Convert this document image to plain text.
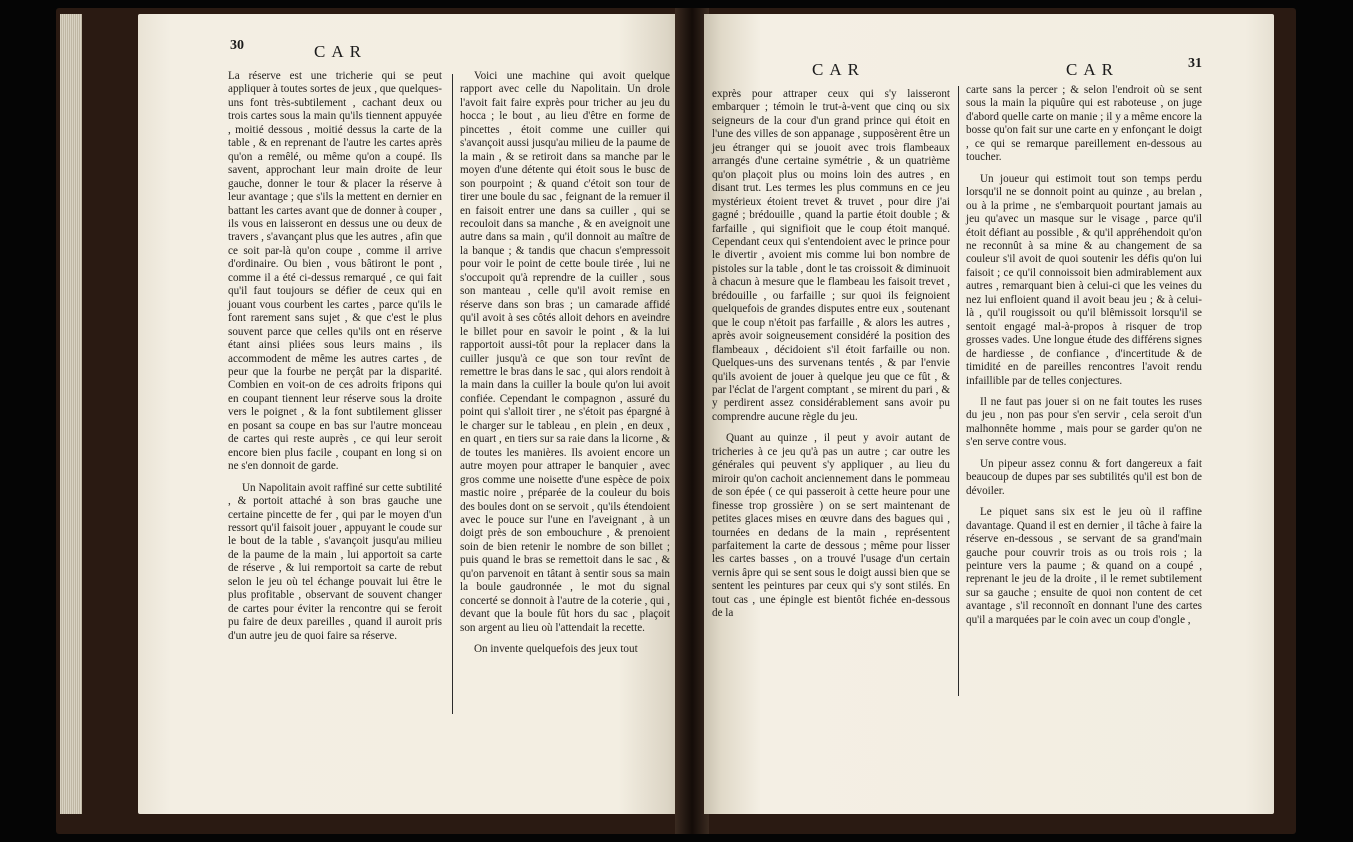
30	CAR

La réserve est une tricherie qui se peut appliquer à toutes sortes de jeux , que quelques-uns font très-subtilement , cachant deux ou trois cartes sous la main qu'ils tiennent appuyée , moitié dessous , moitié dessus la carte de la table , & en reprenant de l'autre les cartes après qu'on a remêlé, ou même qu'on a coupé. Ils savent, approchant leur main droite de leur gauche, donner le tour & placer la réserve à leur avantage ; que s'ils la mettent en dernier en battant les cartes avant que de donner à couper , ils vous en laisseront en dessus une ou deux de travers , s'avançant plus que les autres , afin que ce soit par-là qu'on coupe , comme il arrive d'ordinaire. Ou bien , vous bâtiront le pont , comme il a été ci-dessus remarqué , ce qui fait qu'il faut toujours se défier de ceux qui en jouant vous courbent les cartes , parce qu'ils le font rarement sans sujet , & que c'est le plus souvent parce que celles qu'ils ont en réserve étant ainsi pliées sous leurs mains , ils accommodent de même les autres cartes , de peur que la fourbe ne perçât par la disparité. Combien en voit-on de ces adroits fripons qui en coupant tiennent leur réserve sous la droite vers le poignet , & la font subtilement glisser en posant sa coupe en bas sur l'autre monceau de cartes qui reste auprès , ce qui leur seroit encore bien plus facile , coupant en long si on ne s'en donnoit de garde.

Un Napolitain avoit raffiné sur cette subtilité , & portoit attaché à son bras gauche une certaine pincette de fer , qui par le moyen d'un ressort qu'il faisoit jouer , appuyant le coude sur le bout de la table , s'avançoit jusqu'au milieu de la paume de la main , lui apportoit sa carte de réserve , & lui remportoit sa carte de rebut selon le jeu où tel échange pouvait lui être le plus profitable , observant de souvent changer de cartes pour éviter la rencontre qui se feroit pu faire de deux pareilles , quand il auroit pris d'un autre jeu de quoi faire sa réserve.

Voici une machine qui avoit quelque rapport avec celle du Napolitain. Un drole l'avoit fait faire exprès pour tricher au jeu du hocca ; le bout , au lieu d'être en forme de pincettes , étoit comme une cuiller qui s'avançoit aussi jusqu'au milieu de la paume de la main , & se retiroit dans sa manche par le moyen d'une détente qui étoit sous le busc de son pourpoint ; & quand c'étoit son tour de tirer une boule du sac , feignant de la remuer il en faisoit entrer une dans sa cuiller , qui se recouloit dans sa manche , & en aveignoit une autre dans sa main , qu'il donnoit au maître de la banque ; & tandis que chacun s'empressoit pour voir le point de cette boule tirée , lui ne s'occupoit qu'à reprendre de la cuiller , sous son manteau , celle qu'il avoit remise en réserve dans son bras ; un camarade affidé qu'il avoit à ses côtés alloit dehors en aveindre le billet pour en savoir le point , & la lui rapportoit aussi-tôt pour la replacer dans la cuiller jusqu'à ce que son tour revînt de remettre le bras dans le sac , qui alors rendoit à la main dans la cuiller la boule qu'on lui avoit confiée. Cependant le compagnon , assuré du point qui s'alloit tirer , ne s'étoit pas épargné à le charger sur le tableau , en plein , en deux , en quart , en tiers sur sa raie dans la licorne , & de toutes les manières. Ils avoient encore un autre moyen pour attraper le banquier , avec gros comme une noisette d'une espèce de poix mastic noire , préparée de la couleur du bois des boules dont on se servoit , qu'ils étendoient avec le pouce sur l'une en l'aveignant , à un doigt près de son embouchure , & prenoient soin de bien retenir le nombre de son billet ; puis quand le bras se remettoit dans le sac , & qu'on parvenoit en tâtant à sentir sous sa main la boule gaudronnée , le mot du signal concerté se donnoit à l'autre de la coterie , qui , devant que la boule fût hors du sac , plaçoit son argent au lieu où l'attendait la recette.

On invente quelquefois des jeux tout

CAR	CAR	31

exprès pour attraper ceux qui s'y laisseront embarquer ; témoin le trut-à-vent que cinq ou six seigneurs de la cour d'un grand prince qui étoit en l'une des villes de son appanage , supposèrent être un jeu étranger qui se jouoit avec trois flambeaux arrangés d'une certaine symétrie , & un quatrième qu'on plaçoit plus ou moins loin des autres , en disant trut. Les termes les plus communs en ce jeu mystérieux étoient trevet & truvet , pour dire j'ai gagné ; brédouille , quand la partie étoit double ; & farfaille , qui signifioit que le coup étoit manqué. Cependant ceux qui s'entendoient avec le prince pour le divertir , avoient mis comme lui bon nombre de pistoles sur la table , dont le tas croissoit & diminuoit à chacun à mesure que le flambeau les faisoit trevet , brédouille , ou farfaille ; sur quoi ils feignoient quelquefois de grandes disputes entre eux , soutenant que le coup n'étoit pas farfaille , & alors les autres , après avoir soigneusement considéré la position des flambeaux , décidoient s'il étoit farfaille ou non. Quelques-uns des survenans tentés , & par l'envie qu'ils avoient de jouer à quelque jeu que ce fût , & par l'éclat de l'argent comptant , se mirent du pari , & y perdirent assez considérablement sans avoir pu comprendre aucune règle du jeu.

Quant au quinze , il peut y avoir autant de tricheries à ce jeu qu'à pas un autre ; car outre les générales qui peuvent s'y appliquer , au lieu du miroir qu'on cachoit anciennement dans le pommeau de son épée ( ce qui passeroit à cette heure pour une finesse trop grossière ) on se sert maintenant de petites glaces mises en œuvre dans des bagues qui , tournées en dedans de la main , représentent parfaitement la carte de dessous ; même pour lisser les cartes basses , on a trouvé l'usage d'un certain vernis âpre qui se sent sous le doigt aussi bien que se sentent les peintures par ceux qui s'y sont stilés. En tout cas , une épingle est bientôt fichée en-dessous de la

carte sans la percer ; & selon l'endroit où se sent sous la main la piquûre qui est raboteuse , on juge d'abord quelle carte on manie ; il y a même encore la bosse qu'on fait sur une carte en y enfonçant le doigt , ce qui se remarque pareillement en-dessous au toucher.

Un joueur qui estimoit tout son temps perdu lorsqu'il ne se donnoit point au quinze , au brelan , ou à la prime , ne s'embarquoit pourtant jamais au jeu qu'avec un masque sur le visage , parce qu'il étoit défiant au possible , & qu'il appréhendoit qu'on ne reconnût à sa mine & au changement de sa couleur s'il avoit de quoi soutenir les défis qu'on lui faisoit ; ce qu'il connoissoit bien admirablement aux autres , remarquant bien à celui-ci que les veines du nez lui enfloient quand il avoit beau jeu ; & à celui-là , qu'il rougissoit ou qu'il blêmissoit lorsqu'il se sentoit engagé mal-à-propos à risquer de trop grosses vades. Une longue étude des différens signes de hardiesse , de confiance , d'incertitude & de timidité en de pareilles rencontres l'avoit rendu infaillible par de telles conjectures.

Il ne faut pas jouer si on ne fait toutes les ruses du jeu , non pas pour s'en servir , cela seroit d'un malhonnête homme , mais pour se garder qu'on ne s'en serve contre vous.

Un pipeur assez connu & fort dangereux a fait beaucoup de dupes par ses subtilités qu'il est bon de dévoiler.

Le piquet sans six est le jeu où il raffine davantage. Quand il est en dernier , il tâche à faire la réserve en-dessous , se servant de sa grand'main gauche pour couvrir trois as ou trois rois ; la peinture vers la paume ; & quand on a coupé , reprenant le jeu de la droite , il le remet subtilement sur sa gauche ; ensuite de quoi non content de cet avantage , s'il reconnoît en donnant l'une des cartes qu'il a marquées par le coin avec un coup d'ongle ,
